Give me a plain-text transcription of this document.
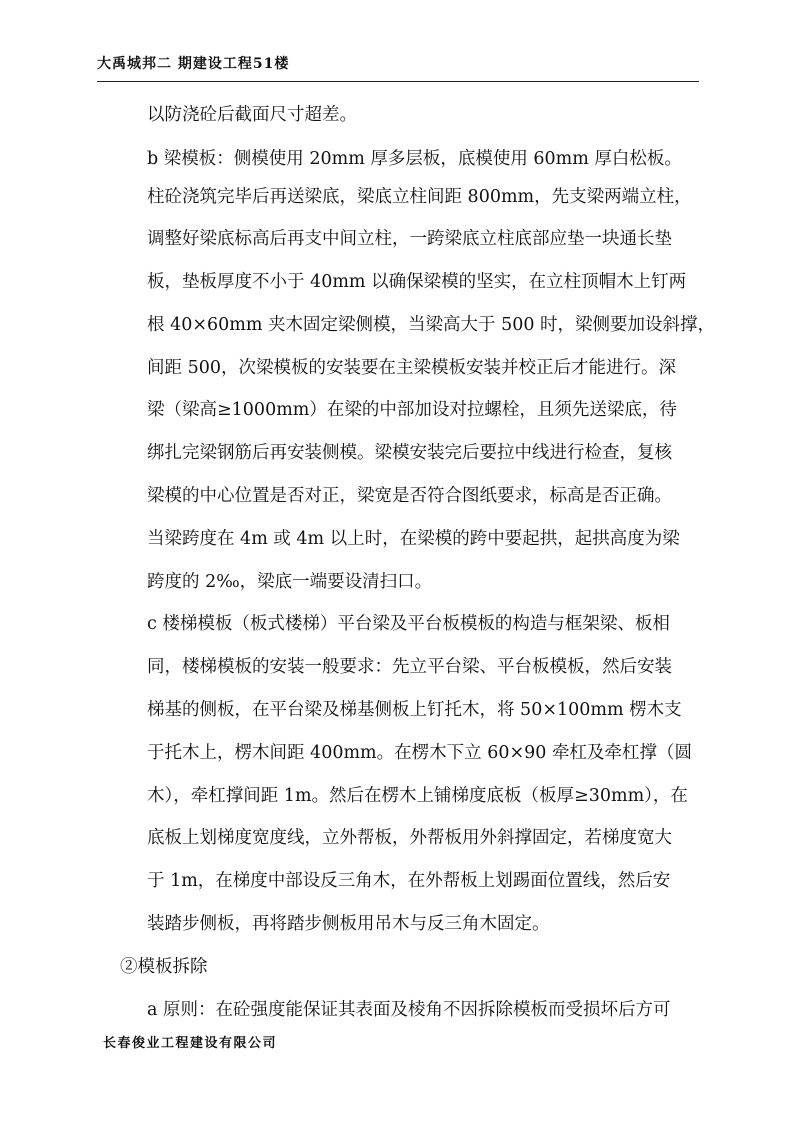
大禹城邦二 期建设工程51楼
以防浇砼后截面尺寸超差。
b 梁模板：侧模使用 20mm 厚多层板，底模使用 60mm 厚白松板。
柱砼浇筑完毕后再送梁底，梁底立柱间距 800mm，先支梁两端立柱，
调整好梁底标高后再支中间立柱，一跨梁底立柱底部应垫一块通长垫
板，垫板厚度不小于 40mm 以确保梁模的坚实，在立柱顶帽木上钉两
根 40×60mm 夹木固定梁侧模，当梁高大于 500 时，梁侧要加设斜撑，
间距 500，次梁模板的安装要在主梁模板安装并校正后才能进行。深
梁（梁高≥1000mm）在梁的中部加设对拉螺栓，且须先送梁底，待
绑扎完梁钢筋后再安装侧模。梁模安装完后要拉中线进行检查，复核
梁模的中心位置是否对正，梁宽是否符合图纸要求，标高是否正确。
当梁跨度在 4m 或 4m 以上时，在梁模的跨中要起拱，起拱高度为梁
跨度的 2‰，梁底一端要设清扫口。
c 楼梯模板（板式楼梯）平台梁及平台板模板的构造与框架梁、板相
同，楼梯模板的安装一般要求：先立平台梁、平台板模板，然后安装
梯基的侧板，在平台梁及梯基侧板上钉托木，将 50×100mm 楞木支
于托木上，楞木间距 400mm。在楞木下立 60×90 牵杠及牵杠撑（圆
木），牵杠撑间距 1m。然后在楞木上铺梯度底板（板厚≥30mm），在
底板上划梯度宽度线，立外帮板，外帮板用外斜撑固定，若梯度宽大
于 1m，在梯度中部设反三角木，在外帮板上划踢面位置线，然后安
装踏步侧板，再将踏步侧板用吊木与反三角木固定。
②模板拆除
a 原则：在砼强度能保证其表面及棱角不因拆除模板而受损坏后方可
长春俊业工程建设有限公司
